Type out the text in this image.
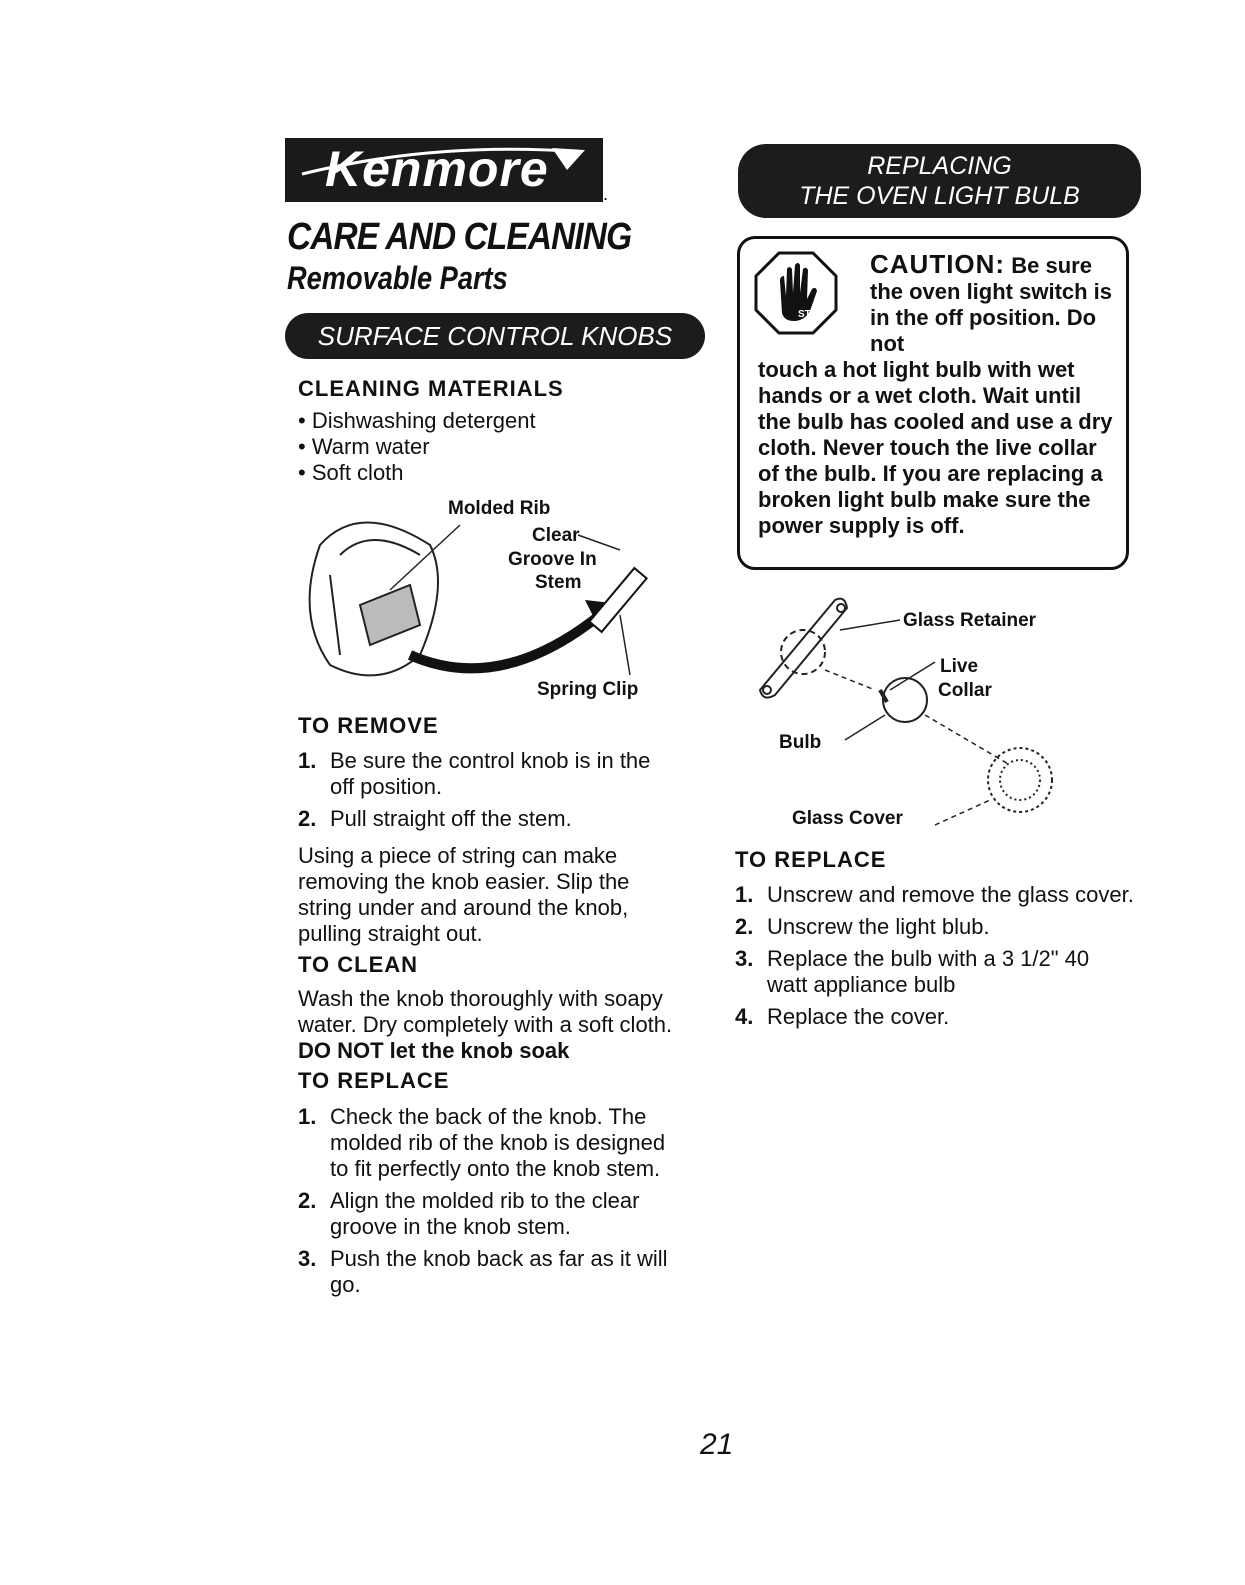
Kenmore	.
CARE AND CLEANING
Removable Parts
SURFACE CONTROL KNOBS
CLEANING MATERIALS
• Dishwashing detergent
• Warm water
• Soft cloth
Molded Rib
Clear
Groove In
Stem
Spring Clip
TO REMOVE
1. Be sure the control knob is in the off position.
2. Pull straight off the stem.
Using a piece of string can make removing the knob easier. Slip the string under and around the knob, pulling straight out.
TO CLEAN
Wash the knob thoroughly with soapy water. Dry completely with a soft cloth.
DO NOT let the knob soak
TO REPLACE
1. Check the back of the knob. The molded rib of the knob is designed to fit perfectly onto the knob stem.
2. Align the molded rib to the clear groove in the knob stem.
3. Push the knob back as far as it will go.
REPLACING
THE OVEN LIGHT BULB
STOP!
CAUTION: Be sure the oven light switch is in the off position. Do not
touch a hot light bulb with wet hands or a wet cloth. Wait until the bulb has cooled and use a dry cloth. Never touch the live collar of the bulb. If you are replacing a broken light bulb make sure the power supply is off.
Glass Retainer
Live
Collar
Bulb
Glass Cover
TO REPLACE
1. Unscrew and remove the glass cover.
2. Unscrew the light blub.
3. Replace the bulb with a 3 1/2" 40 watt appliance bulb
4. Replace the cover.
21
